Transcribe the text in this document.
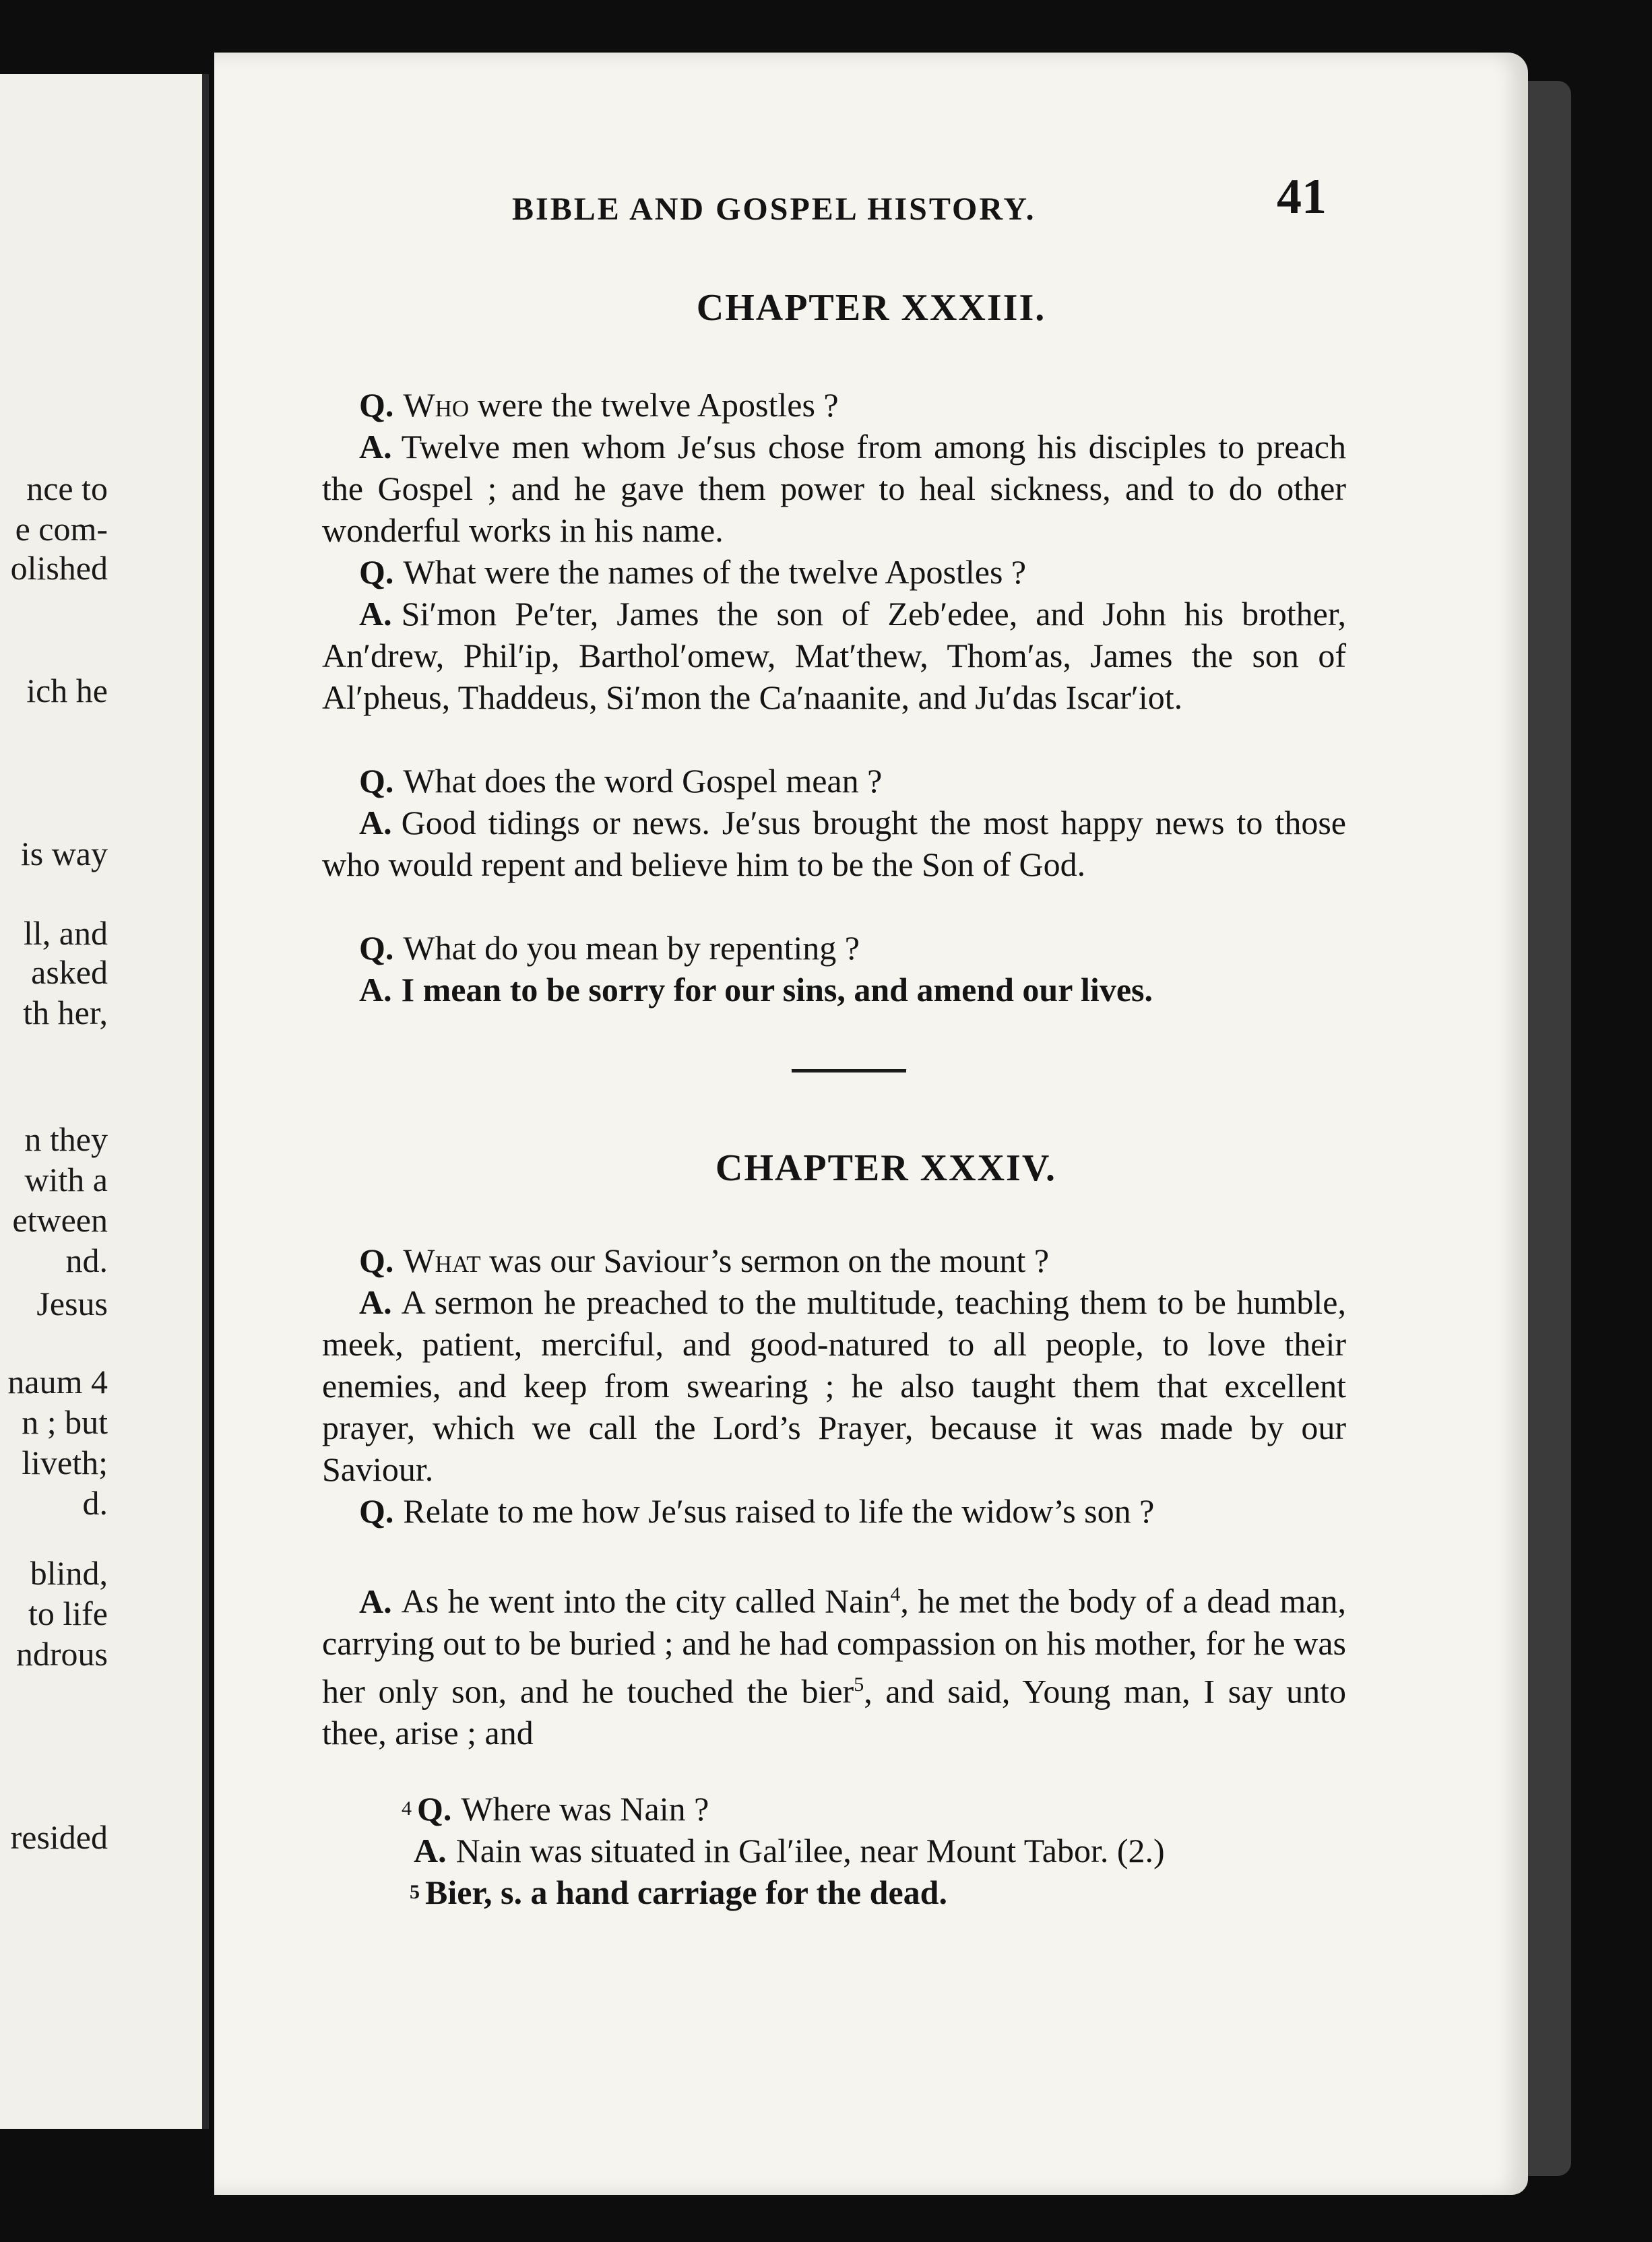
nce to
e com-
olished
ich he
is way
ll, and
asked
th her,
n they
with a
etween
nd.
Jesus
naum 4
n ; but
liveth;
d.
blind,
to life
ndrous
resided
BIBLE AND GOSPEL HISTORY.	41
CHAPTER XXXIII.

Q. Who were the twelve Apostles ?

A. Twelve men whom Je′sus chose from among his disciples to preach the Gospel ; and he gave them power to heal sickness, and to do other wonderful works in his name.

Q. What were the names of the twelve Apostles ?

A. Si′mon Pe′ter, James the son of Zeb′edee, and John his brother, An′drew, Phil′ip, Barthol′omew, Mat′thew, Thom′as, James the son of Al′pheus, Thaddeus, Si′mon the Ca′naanite, and Ju′das Iscar′iot.

Q. What does the word Gospel mean ?

A. Good tidings or news. Je′sus brought the most happy news to those who would repent and believe him to be the Son of God.

Q. What do you mean by repenting ?

A. I mean to be sorry for our sins, and amend our lives.

CHAPTER XXXIV.

Q. What was our Saviour’s sermon on the mount ?

A. A sermon he preached to the multitude, teaching them to be humble, meek, patient, merciful, and good-natured to all people, to love their enemies, and keep from swearing ; he also taught them that excellent prayer, which we call the Lord’s Prayer, because it was made by our Saviour.

Q. Relate to me how Je′sus raised to life the widow’s son ?

A. As he went into the city called Nain$^4$, he met the body of a dead man, carrying out to be buried ; and he had compassion on his mother, for he was her only son, and he touched the bier$^5$, and said, Young man, I say unto thee, arise ; and

$^4$ Q. Where was Nain ?

A. Nain was situated in Gal′ilee, near Mount Tabor. (2.)

$^5$ Bier, s. a hand carriage for the dead.
